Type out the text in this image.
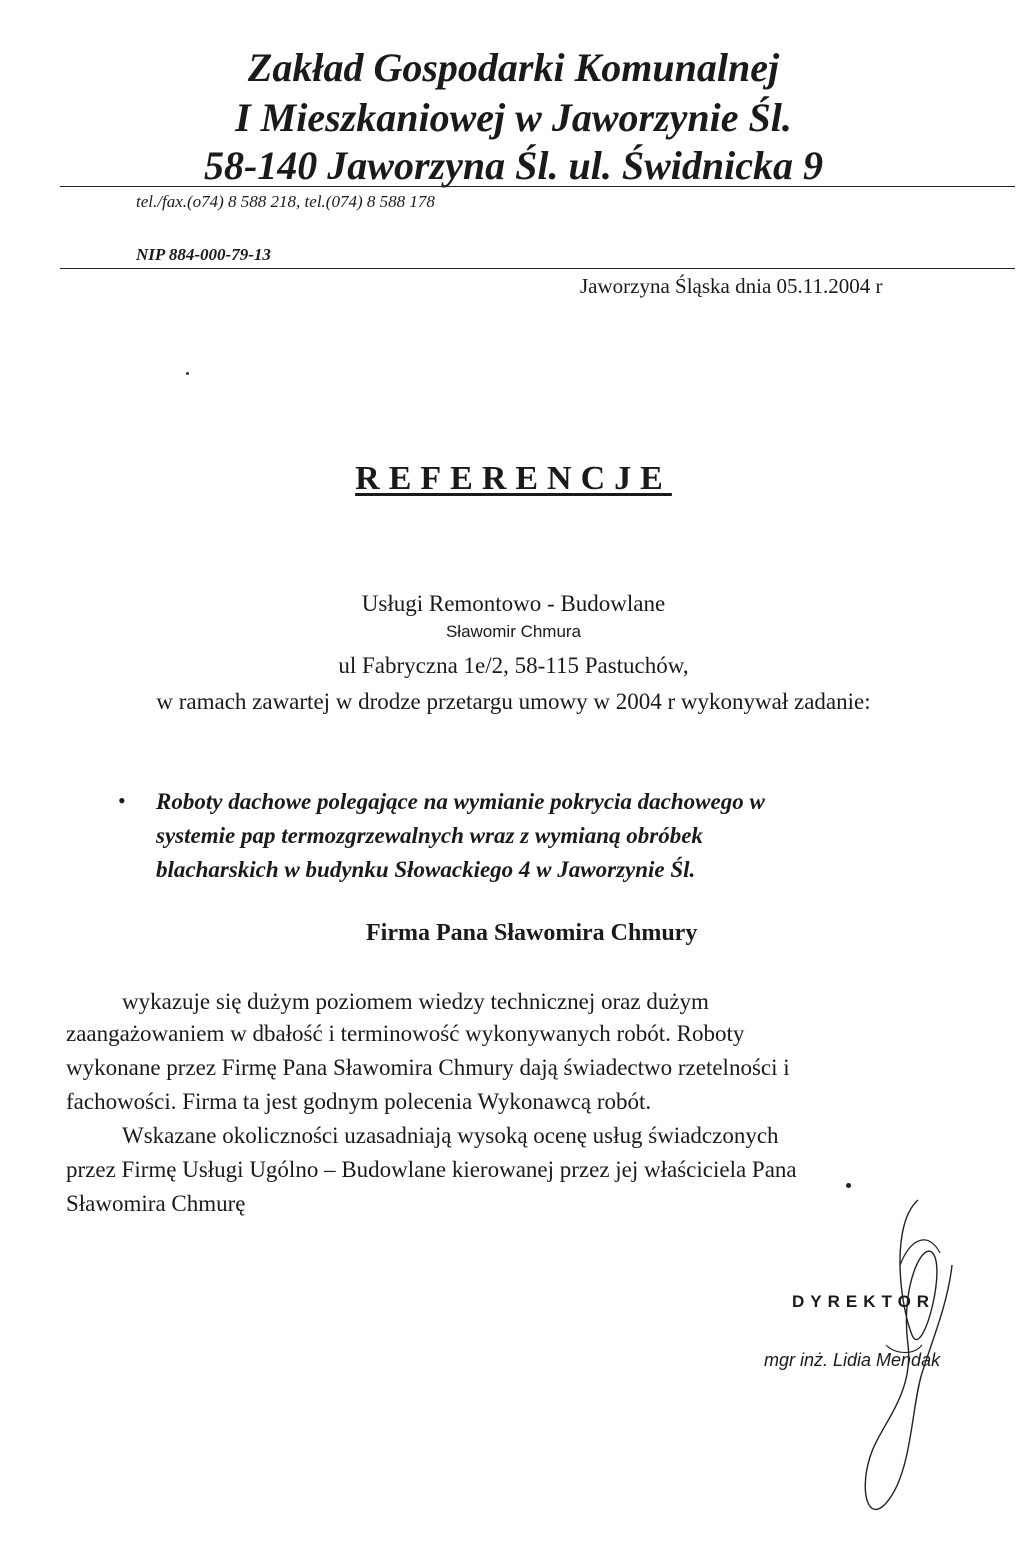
Zakład Gospodarki Komunalnej
I Mieszkaniowej w Jaworzynie Śl.
58-140 Jaworzyna Śl. ul. Świdnicka 9
tel./fax.(o74) 8 588 218, tel.(074) 8 588 178
NIP 884-000-79-13
Jaworzyna Śląska dnia 05.11.2004 r
REFERENCJE
Usługi Remontowo - Budowlane
Sławomir Chmura
ul Fabryczna 1e/2, 58-115 Pastuchów,
w ramach zawartej w drodze przetargu umowy w 2004 r wykonywał zadanie:
• Roboty dachowe polegające na wymianie pokrycia dachowego w
systemie pap termozgrzewalnych wraz z wymianą obróbek
blacharskich w budynku Słowackiego 4 w Jaworzynie Śl.
Firma Pana Sławomira Chmury
wykazuje się dużym poziomem wiedzy technicznej oraz dużym
zaangażowaniem w dbałość i terminowość wykonywanych robót. Roboty
wykonane przez Firmę Pana Sławomira Chmury dają świadectwo rzetelności i
fachowości. Firma ta jest godnym polecenia Wykonawcą robót.
Wskazane okoliczności uzasadniają wysoką ocenę usług świadczonych
przez Firmę Usługi Ugólno – Budowlane kierowanej przez jej właściciela Pana
Sławomira Chmurę
DYREKTOR
mgr inż. Lidia Mendak
